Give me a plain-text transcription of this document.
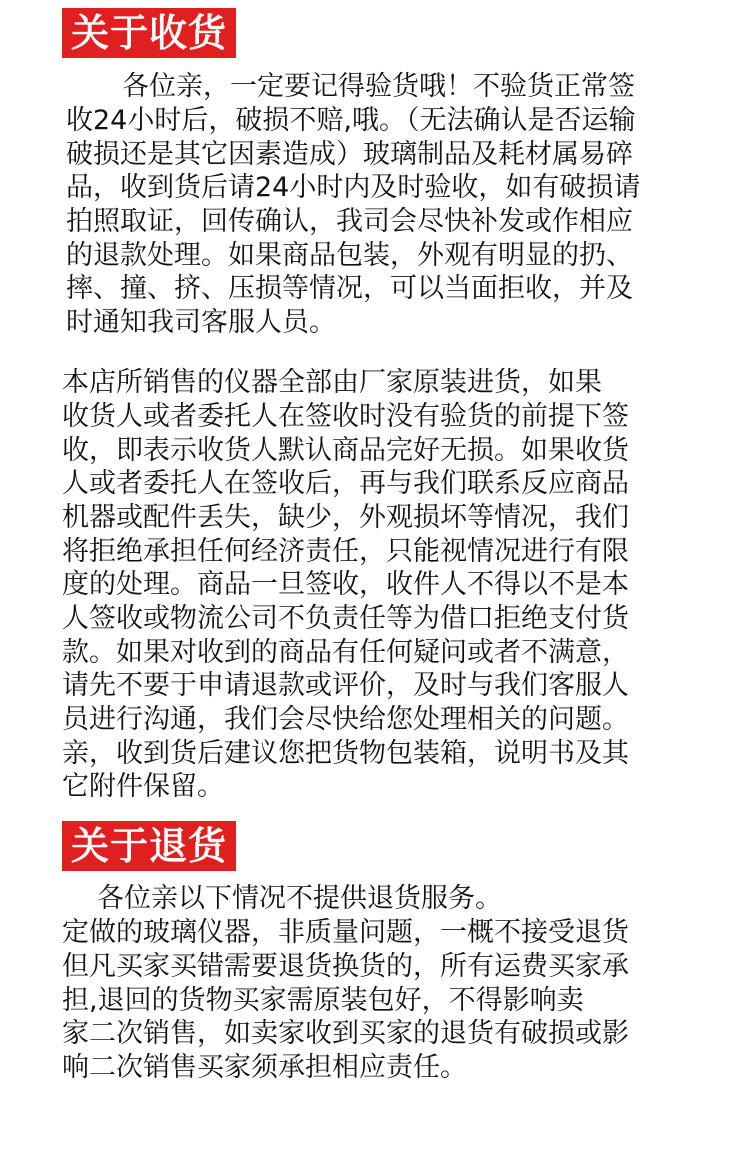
关于收货
各位亲，一定要记得验货哦！不验货正常签
收24小时后，破损不赔,哦。（无法确认是否运输
破损还是其它因素造成）玻璃制品及耗材属易碎
品，收到货后请24小时内及时验收，如有破损请
拍照取证，回传确认，我司会尽快补发或作相应
的退款处理。如果商品包装，外观有明显的扔、
摔、撞、挤、压损等情况，可以当面拒收，并及
时通知我司客服人员。
本店所销售的仪器全部由厂家原装进货，如果
收货人或者委托人在签收时没有验货的前提下签
收，即表示收货人默认商品完好无损。如果收货
人或者委托人在签收后，再与我们联系反应商品
机器或配件丢失，缺少，外观损坏等情况，我们
将拒绝承担任何经济责任，只能视情况进行有限
度的处理。商品一旦签收，收件人不得以不是本
人签收或物流公司不负责任等为借口拒绝支付货
款。如果对收到的商品有任何疑问或者不满意，
请先不要于申请退款或评价，及时与我们客服人
员进行沟通，我们会尽快给您处理相关的问题。
亲，收到货后建议您把货物包装箱，说明书及其
它附件保留。
关于退货
各位亲以下情况不提供退货服务。
定做的玻璃仪器，非质量问题，一概不接受退货
但凡买家买错需要退货换货的，所有运费买家承
担,退回的货物买家需原装包好，不得影响卖
家二次销售，如卖家收到买家的退货有破损或影
响二次销售买家须承担相应责任。
